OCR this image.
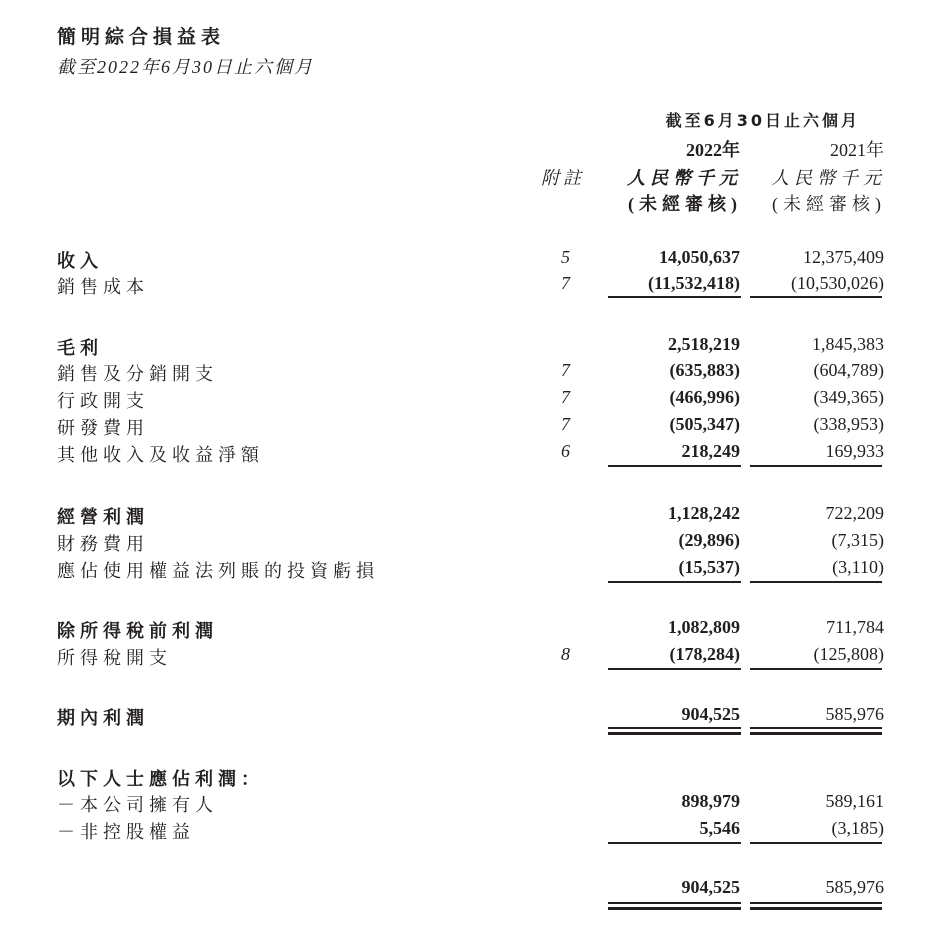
簡明綜合損益表
截至2022年6月30日止六個月
截至6月30日止六個月
2022年	2021年
附註	人民幣千元	人民幣千元
(未經審核)	(未經審核)
收入	5	14,050,637	12,375,409
銷售成本	7	(11,532,418)	(10,530,026)
毛利	2,518,219	1,845,383
銷售及分銷開支	7	(635,883)	(604,789)
行政開支	7	(466,996)	(349,365)
研發費用	7	(505,347)	(338,953)
其他收入及收益淨額	6	218,249	169,933
經營利潤	1,128,242	722,209
財務費用	(29,896)	(7,315)
應佔使用權益法列賬的投資虧損	(15,537)	(3,110)
除所得稅前利潤	1,082,809	711,784
所得稅開支	8	(178,284)	(125,808)
期內利潤	904,525	585,976
以下人士應佔利潤：
－本公司擁有人	898,979	589,161
－非控股權益	5,546	(3,185)
904,525	585,976
